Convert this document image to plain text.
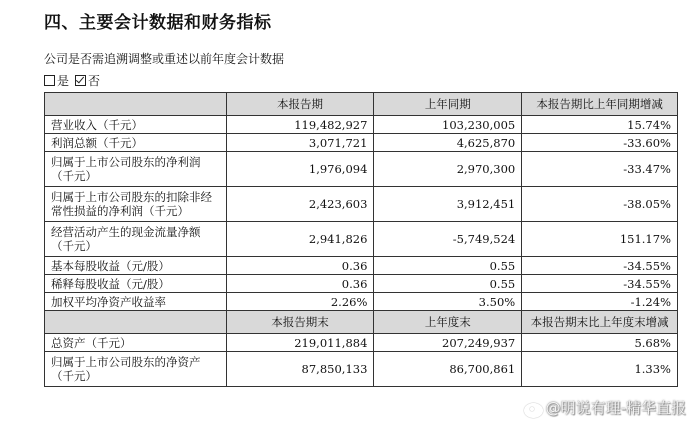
四、主要会计数据和财务指标
公司是否需追溯调整或重述以前年度会计数据
是 否
	本报告期	上年同期	本报告期比上年同期增减
营业收入（千元）	119,482,927	103,230,005	15.74%
利润总额（千元）	3,071,721	4,625,870	-33.60%
归属于上市公司股东的净利润（千元）	1,976,094	2,970,300	-33.47%
归属于上市公司股东的扣除非经常性损益的净利润（千元）	2,423,603	3,912,451	-38.05%
经营活动产生的现金流量净额（千元）	2,941,826	-5,749,524	151.17%
基本每股收益（元/股）	0.36	0.55	-34.55%
稀释每股收益（元/股）	0.36	0.55	-34.55%
加权平均净资产收益率	2.26%	3.50%	-1.24%
	本报告期末	上年度末	本报告期末比上年度末增减
总资产（千元）	219,011,884	207,249,937	5.68%
归属于上市公司股东的净资产（千元）	87,850,133	86,700,861	1.33%
@明说有理-精华直报
